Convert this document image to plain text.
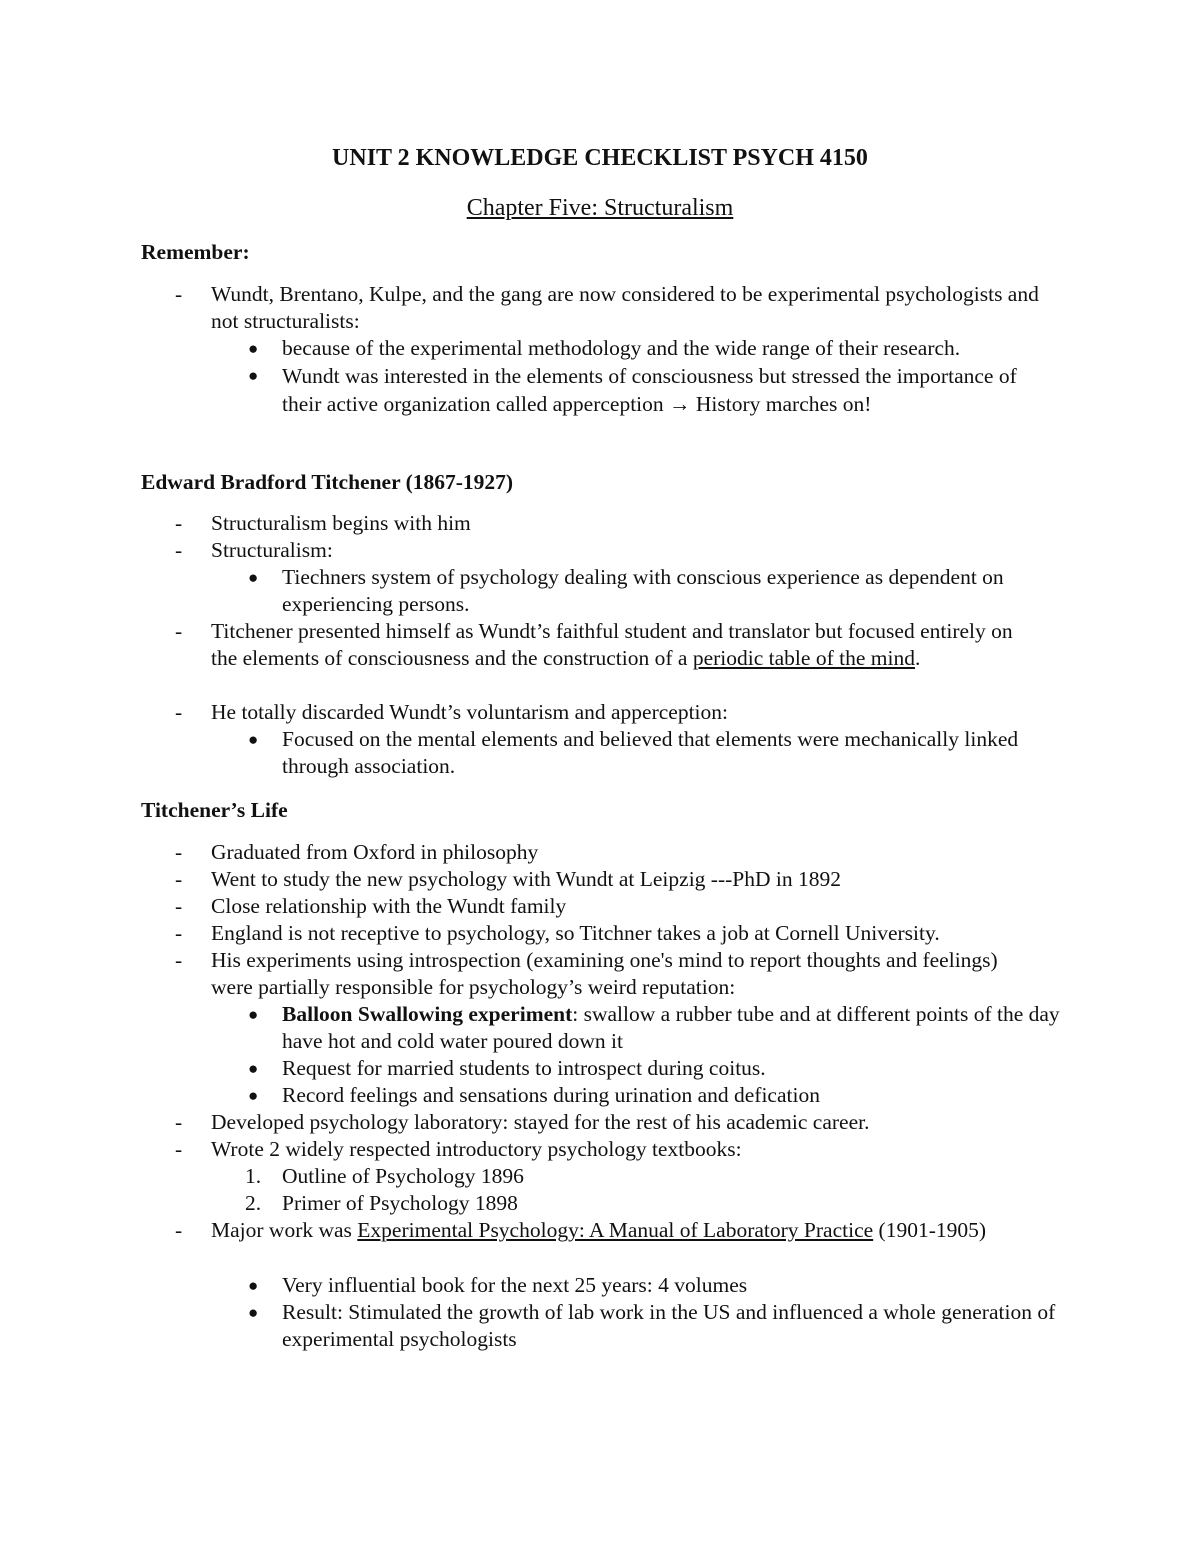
UNIT 2 KNOWLEDGE CHECKLIST PSYCH 4150
Chapter Five: Structuralism
Remember:
- Wundt, Brentano, Kulpe, and the gang are now considered to be experimental psychologists and not structuralists:
● because of the experimental methodology and the wide range of their research.
● Wundt was interested in the elements of consciousness but stressed the importance of their active organization called apperception → History marches on!
Edward Bradford Titchener (1867-1927)
- Structuralism begins with him
- Structuralism:
● Tiechners system of psychology dealing with conscious experience as dependent on experiencing persons.
- Titchener presented himself as Wundt’s faithful student and translator but focused entirely on the elements of consciousness and the construction of a periodic table of the mind.
- He totally discarded Wundt’s voluntarism and apperception:
● Focused on the mental elements and believed that elements were mechanically linked through association.
Titchener’s Life
- Graduated from Oxford in philosophy
- Went to study the new psychology with Wundt at Leipzig ---PhD in 1892
- Close relationship with the Wundt family
- England is not receptive to psychology, so Titchner takes a job at Cornell University.
- His experiments using introspection (examining one's mind to report thoughts and feelings) were partially responsible for psychology’s weird reputation:
● Balloon Swallowing experiment: swallow a rubber tube and at different points of the day have hot and cold water poured down it
● Request for married students to introspect during coitus.
● Record feelings and sensations during urination and defication
- Developed psychology laboratory: stayed for the rest of his academic career.
- Wrote 2 widely respected introductory psychology textbooks:
1. Outline of Psychology 1896
2. Primer of Psychology 1898
- Major work was Experimental Psychology: A Manual of Laboratory Practice (1901-1905)
● Very influential book for the next 25 years: 4 volumes
● Result: Stimulated the growth of lab work in the US and influenced a whole generation of experimental psychologists
